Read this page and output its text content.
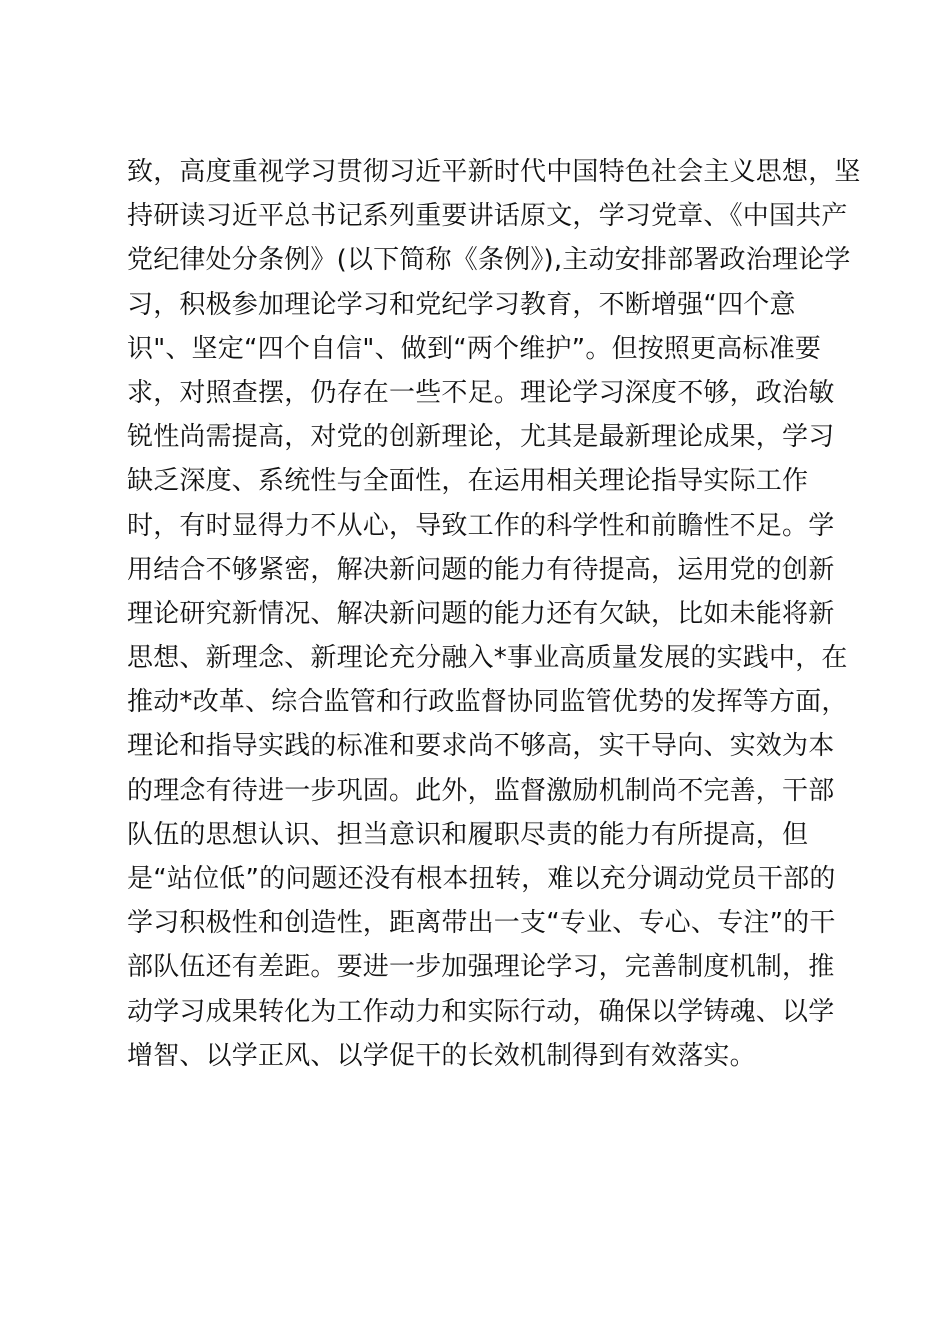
致，高度重视学习贯彻习近平新时代中国特色社会主义思想，坚
持研读习近平总书记系列重要讲话原文，学习党章、《中国共产
党纪律处分条例》(以下简称《条例》),主动安排部署政治理论学
习，积极参加理论学习和党纪学习教育，不断增强“四个意
识"、坚定“四个自信"、做到“两个维护”。但按照更高标准要
求，对照查摆，仍存在一些不足。理论学习深度不够，政治敏
锐性尚需提高，对党的创新理论，尤其是最新理论成果，学习
缺乏深度、系统性与全面性，在运用相关理论指导实际工作
时，有时显得力不从心，导致工作的科学性和前瞻性不足。学
用结合不够紧密，解决新问题的能力有待提高，运用党的创新
理论研究新情况、解决新问题的能力还有欠缺，比如未能将新
思想、新理念、新理论充分融入*事业高质量发展的实践中，在
推动*改革、综合监管和行政监督协同监管优势的发挥等方面，
理论和指导实践的标准和要求尚不够高，实干导向、实效为本
的理念有待进一步巩固。此外，监督激励机制尚不完善，干部
队伍的思想认识、担当意识和履职尽责的能力有所提高，但
是“站位低”的问题还没有根本扭转，难以充分调动党员干部的
学习积极性和创造性，距离带出一支“专业、专心、专注”的干
部队伍还有差距。要进一步加强理论学习，完善制度机制，推
动学习成果转化为工作动力和实际行动，确保以学铸魂、以学
增智、以学正风、以学促干的长效机制得到有效落实。
